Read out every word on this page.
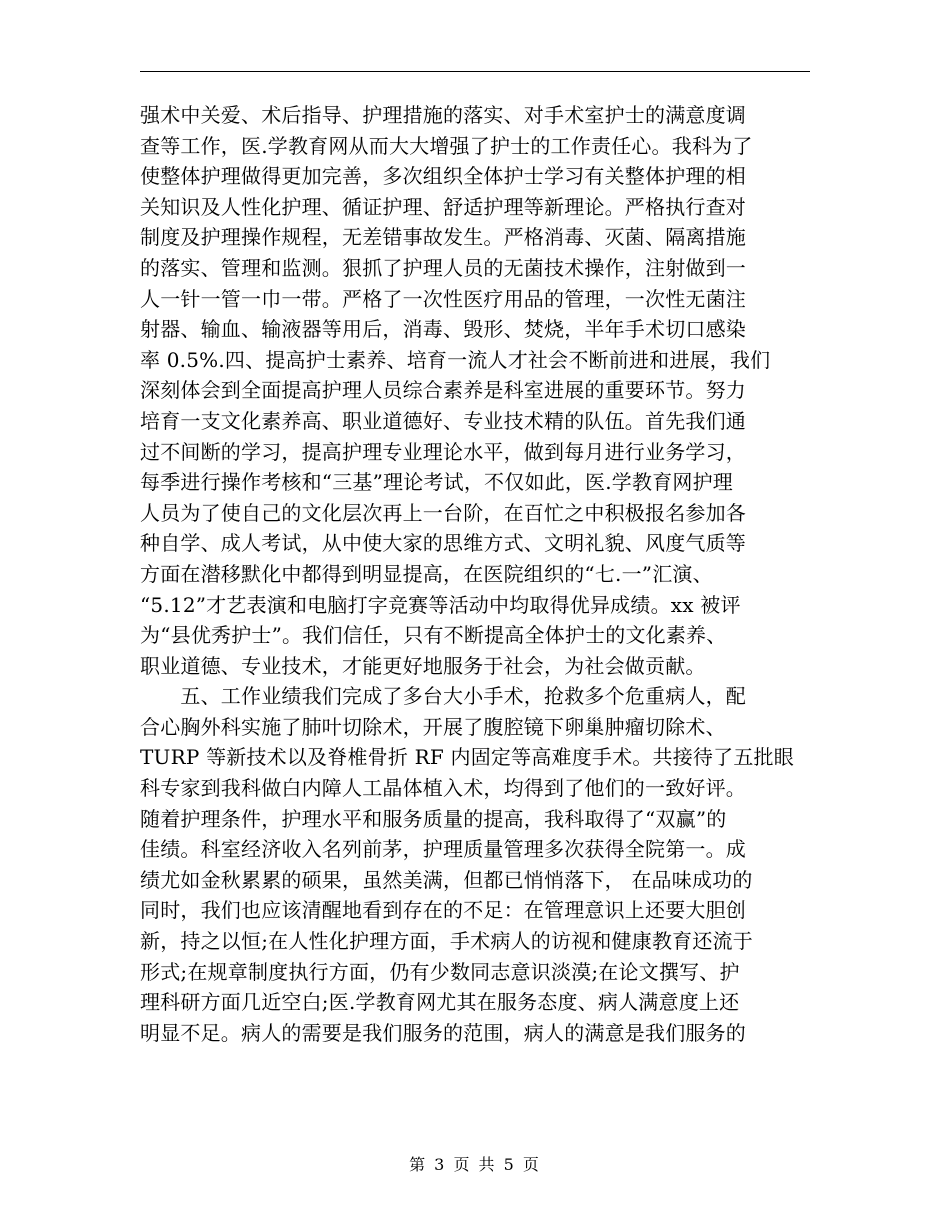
强术中关爱、术后指导、护理措施的落实、对手术室护士的满意度调
查等工作，医.学教育网从而大大增强了护士的工作责任心。我科为了
使整体护理做得更加完善，多次组织全体护士学习有关整体护理的相
关知识及人性化护理、循证护理、舒适护理等新理论。严格执行查对
制度及护理操作规程，无差错事故发生。严格消毒、灭菌、隔离措施
的落实、管理和监测。狠抓了护理人员的无菌技术操作，注射做到一
人一针一管一巾一带。严格了一次性医疗用品的管理，一次性无菌注
射器、输血、输液器等用后，消毒、毁形、焚烧，半年手术切口感染
率 0.5%.四、提高护士素养、培育一流人才社会不断前进和进展，我们
深刻体会到全面提高护理人员综合素养是科室进展的重要环节。努力
培育一支文化素养高、职业道德好、专业技术精的队伍。首先我们通
过不间断的学习，提高护理专业理论水平，做到每月进行业务学习，
每季进行操作考核和“三基”理论考试，不仅如此，医.学教育网护理
人员为了使自己的文化层次再上一台阶，在百忙之中积极报名参加各
种自学、成人考试，从中使大家的思维方式、文明礼貌、风度气质等
方面在潜移默化中都得到明显提高，在医院组织的“七.一”汇演、
“5.12”才艺表演和电脑打字竞赛等活动中均取得优异成绩。xx 被评
为“县优秀护士”。我们信任，只有不断提高全体护士的文化素养、
职业道德、专业技术，才能更好地服务于社会，为社会做贡献。
　　五、工作业绩我们完成了多台大小手术，抢救多个危重病人，配
合心胸外科实施了肺叶切除术，开展了腹腔镜下卵巢肿瘤切除术、
TURP 等新技术以及脊椎骨折 RF 内固定等高难度手术。共接待了五批眼
科专家到我科做白内障人工晶体植入术，均得到了他们的一致好评。
随着护理条件，护理水平和服务质量的提高，我科取得了“双赢”的
佳绩。科室经济收入名列前茅，护理质量管理多次获得全院第一。成
绩尤如金秋累累的硕果，虽然美满，但都已悄悄落下， 在品味成功的
同时，我们也应该清醒地看到存在的不足：在管理意识上还要大胆创
新，持之以恒;在人性化护理方面，手术病人的访视和健康教育还流于
形式;在规章制度执行方面，仍有少数同志意识淡漠;在论文撰写、护
理科研方面几近空白;医.学教育网尤其在服务态度、病人满意度上还
明显不足。病人的需要是我们服务的范围，病人的满意是我们服务的
第 3 页 共 5 页
